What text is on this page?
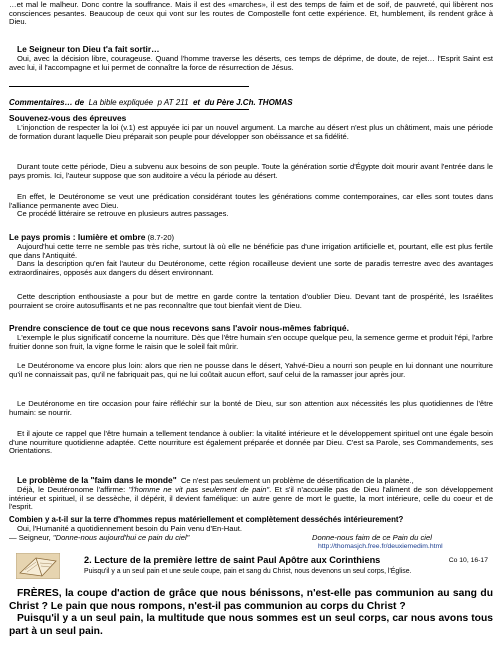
…et mal le malheur. Donc contre la souffrance. Mais il est des «marches», il est des temps de faim et de soif, de pauvreté, qui libèrent nos consciences pesantes. Beaucoup de ceux qui vont sur les routes de Compostelle font cette expérience. Et, humblement, ils rendent grâce à Dieu.

Le Seigneur ton Dieu t'a fait sortir…

Oui, avec la décision libre, courageuse. Quand l'homme traverse les déserts, ces temps de déprime, de doute, de rejet… l'Esprit Saint est avec lui, il l'accompagne et lui permet de connaître la force de résurrection de Jésus.

Commentaires… de La bible expliquée p AT 211 et du Père J.Ch. THOMAS

Souvenez-vous des épreuves

L'injonction de respecter la loi (v.1) est appuyée ici par un nouvel argument. La marche au désert n'est plus un châtiment, mais une période de formation durant laquelle Dieu préparait son peuple pour développer son obéissance et sa fidélité.

Durant toute cette période, Dieu a subvenu aux besoins de son peuple. Toute la génération sortie d'Égypte doit mourir avant l'entrée dans le pays promis. Ici, l'auteur suppose que son auditoire a vécu la période au désert.

En effet, le Deutéronome se veut une prédication considérant toutes les générations comme contemporaines, car elles sont toutes dans l'alliance permanente avec Dieu.

Ce procédé littéraire se retrouve en plusieurs autres passages.

Le pays promis : lumière et ombre (8.7-20)

Aujourd'hui cette terre ne semble pas très riche, surtout là où elle ne bénéficie pas d'une irrigation artificielle et, pourtant, elle est plus fertile que dans l'Antiquité.

Dans la description qu'en fait l'auteur du Deutéronome, cette région rocailleuse devient une sorte de paradis terrestre avec des avantages extraordinaires, opposés aux dangers du désert environnant.

Cette description enthousiaste a pour but de mettre en garde contre la tentation d'oublier Dieu. Devant tant de prospérité, les Israélites pourraient se croire autosuffisants et ne pas reconnaître que tout bienfait vient de Dieu.

Prendre conscience de tout ce que nous recevons sans l'avoir nous-mêmes fabriqué.

L'exemple le plus significatif concerne la nourriture. Dès que l'être humain s'en occupe quelque peu, la semence germe et produit l'épi, l'arbre fruitier donne son fruit, la vigne forme le raisin que le soleil fait mûrir.

Le Deutéronome va encore plus loin: alors que rien ne pousse dans le désert, Yahvé-Dieu a nourri son peuple en lui donnant une nourriture qu'il ne connaissait pas, qu'il ne fabriquait pas, qui ne lui coûtait aucun effort, sauf celui de la ramasser jour après jour.

Le Deutéronome en tire occasion pour faire réfléchir sur la bonté de Dieu, sur son attention aux nécessités les plus quotidiennes de l'être humain: se nourrir.

Et il ajoute ce rappel que l'être humain a tellement tendance à oublier: la vitalité intérieure et le développement spirituel ont une égale besoin d'une nourriture quotidienne adaptée. Cette nourriture est également préparée et donnée par Dieu. C'est sa Parole, ses Commandements, ses Orientations.

Le problème de la "faim dans le monde" Ce n'est pas seulement un problème de désertification de la planète.,

Déjà, le Deutéronome l'affirme: "l'homme ne vit pas seulement de pain". Et s'il n'accueille pas de Dieu l'aliment de son développement intérieur et spirituel, il se dessèche, il dépérit, il devient famélique: un autre genre de mort le guette, la mort intérieure, celle du coeur et de l'esprit.

Combien y a-t-il sur la terre d'hommes repus matériellement et complètement desséchés intérieurement?

Oui, l'Humanité a quotidiennement besoin du Pain venu d'En-Haut.

— Seigneur, "Donne-nous aujourd'hui ce pain du ciel"	Donne-nous faim de ce Pain du ciel
http://thomasjch.free.fr/deuxiemedim.html
2. Lecture de la première lettre de saint Paul Apôtre aux Corinthiens	Co 10, 16-17
Puisqu'il y a un seul pain et une seule coupe, pain et sang du Christ, nous devenons un seul corps, l'Église.

FRÈRES, la coupe d'action de grâce que nous bénissons, n'est-elle pas communion au sang du Christ ? Le pain que nous rompons, n'est-il pas communion au corps du Christ ?

Puisqu'il y a un seul pain, la multitude que nous sommes est un seul corps, car nous avons tous part à un seul pain.
